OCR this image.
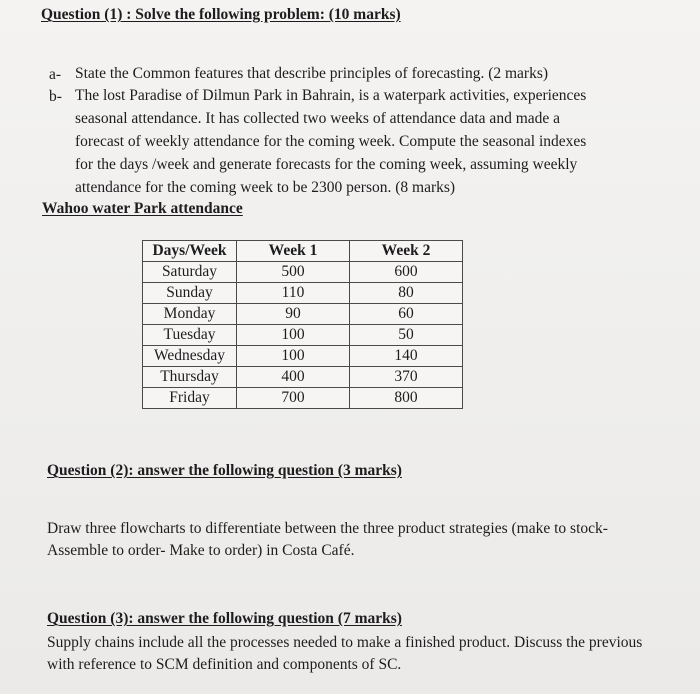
Question (1) : Solve the following problem: (10 marks)
a- State the Common features that describe principles of forecasting. (2 marks)
b- The lost Paradise of Dilmun Park in Bahrain, is a waterpark activities, experiences
seasonal attendance. It has collected two weeks of attendance data and made a
forecast of weekly attendance for the coming week. Compute the seasonal indexes
for the days /week and generate forecasts for the coming week, assuming weekly
attendance for the coming week to be 2300 person. (8 marks)
Wahoo water Park attendance
Days/Week	Week 1	Week 2
Saturday	500	600
Sunday	110	80
Monday	90	60
Tuesday	100	50
Wednesday	100	140
Thursday	400	370
Friday	700	800
Question (2): answer the following question (3 marks)
Draw three flowcharts to differentiate between the three product strategies (make to stock- Assemble to order- Make to order) in Costa Café.
Question (3): answer the following question (7 marks)
Supply chains include all the processes needed to make a finished product. Discuss the previous with reference to SCM definition and components of SC.
